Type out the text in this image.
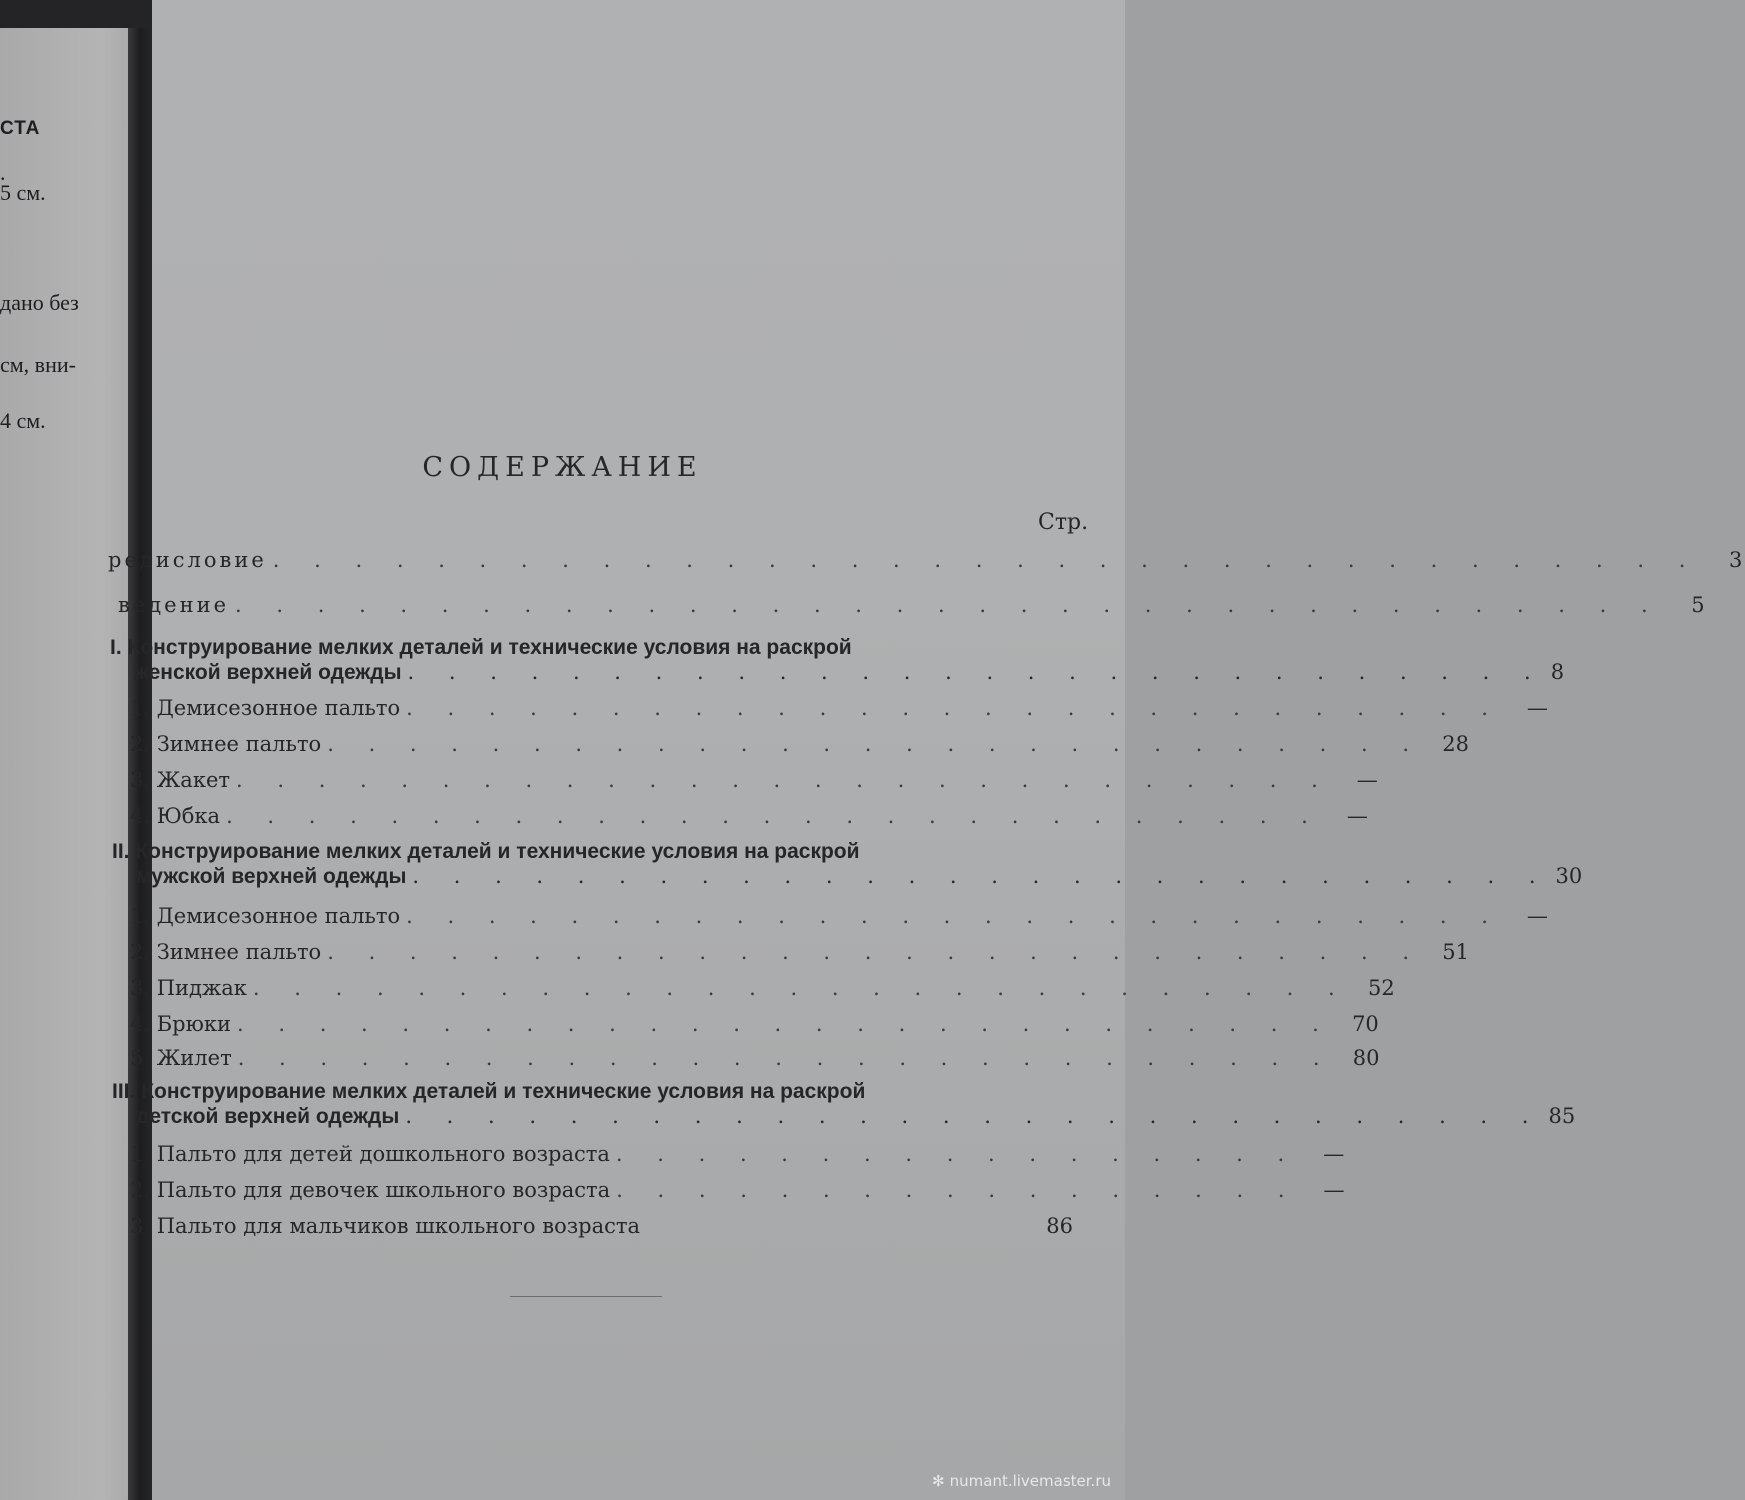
СТА
.
5 см.
дано без
см, вни-
4 см.
СОДЕРЖАНИЕ
Стр.
редисловие . . . . . . . . . . . . . . . . . . . . . . . . . . . . . . . . . . .	3
ведение . . . . . . . . . . . . . . . . . . . . . . . . . . . . . . . . . . .	5
I. Конструирование мелких деталей и технические условия на раскрой
женской верхней одежды . . . . . . . . . . . . . . . . . . . . . . . . . . . . 8
1. Демисезонное пальто . . . . . . . . . . . . . . . . . . . . . . . . . . .	—
2. Зимнее пальто . . . . . . . . . . . . . . . . . . . . . . . . . . . 28
3. Жакет . . . . . . . . . . . . . . . . . . . . . . . . . . .	—
4. Юбка . . . . . . . . . . . . . . . . . . . . . . . . . . .	—
II. Конструирование мелких деталей и технические условия на раскрой
мужской верхней одежды . . . . . . . . . . . . . . . . . . . . . . . . . . . . 30
1. Демисезонное пальто . . . . . . . . . . . . . . . . . . . . . . . . . . .	—
2. Зимнее пальто . . . . . . . . . . . . . . . . . . . . . . . . . . . 51
3. Пиджак . . . . . . . . . . . . . . . . . . . . . . . . . . . 52
4. Брюки . . . . . . . . . . . . . . . . . . . . . . . . . . . 70
5. Жилет . . . . . . . . . . . . . . . . . . . . . . . . . . . 80
III. Конструирование мелких деталей и технические условия на раскрой
детской верхней одежды . . . . . . . . . . . . . . . . . . . . . . . . . . . . 85
1. Пальто для детей дошкольного возраста . . . . . . . . . . . . . . . . .	—
2. Пальто для девочек школьного возраста . . . . . . . . . . . . . . . . .	—
3. Пальто для мальчиков школьного возраста	86
✻ numant.livemaster.ru
